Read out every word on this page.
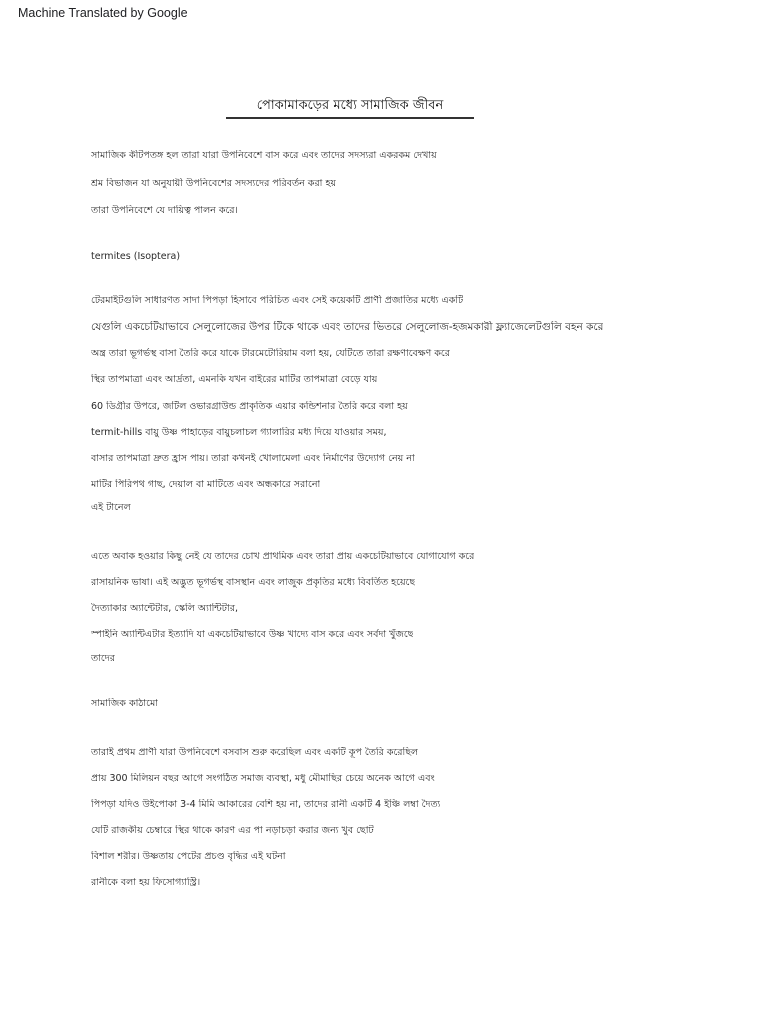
Machine Translated by Google
পোকামাকড়ের মধ্যে সামাজিক জীবন
সামাজিক কীটপতঙ্গ হল তারা যারা উপনিবেশে বাস করে এবং তাদের সদস্যরা একরকম দেখায়
শ্রম বিভাজন যা অনুযায়ী উপনিবেশের সদস্যদের পরিবর্তন করা হয়
তারা উপনিবেশে যে দায়িত্ব পালন করে।
termites (Isoptera)
টেরমাইটগুলি সাধারণত সাদা পিঁপড়া হিসাবে পরিচিত এবং সেই কয়েকটি প্রাণী প্রজাতির মধ্যে একটি
যেগুলি একচেটিয়াভাবে সেলুলোজের উপর টিকে থাকে এবং তাদের ভিতরে সেলুলোজ-হজমকারী ফ্ল্যাজেলেটগুলি বহন করে
অন্ত্র তারা ভূগর্ভস্থ বাসা তৈরি করে যাকে টারমেটোরিয়াম বলা হয়, যেটিতে তারা রক্ষণাবেক্ষণ করে
স্থির তাপমাত্রা এবং আর্দ্রতা, এমনকি যখন বাইরের মাটির তাপমাত্রা বেড়ে যায়
60 ডিগ্রীর উপরে, জটিল ওভারগ্রাউন্ড প্রাকৃতিক এয়ার কন্ডিশনার তৈরি করে বলা হয়
termit-hills বায়ু উষ্ণ পাহাড়ের বায়ুচলাচল গ্যালারির মধ্য দিয়ে যাওয়ার সময়,
বাসার তাপমাত্রা দ্রুত হ্রাস পায়। তারা কখনই খোলামেলা এবং নির্মাণের উদ্যোগ নেয় না
মাটির পিরিপথ গাছ, দেয়াল বা মাটিতে এবং অন্ধকারে সরানো
এই টানেল
এতে অবাক হওয়ার কিছু নেই যে তাদের চোখ প্রাথমিক এবং তারা প্রায় একচেটিয়াভাবে যোগাযোগ করে
রাসায়নিক ভাষা। এই অদ্ভুত ভূগর্ভস্থ বাসস্থান এবং লাজুক প্রকৃতির মধ্যে বিবর্তিত হয়েছে
দৈত্যাকার অ্যান্টেটার, স্কেলি অ্যান্টিটার,
স্পাইনি অ্যান্টিএটার ইত্যাদি যা একচেটিয়াভাবে উষ্ণ খাদ্যে বাস করে এবং সর্বদা খুঁজছে
তাদের
সামাজিক কাঠামো
তারাই প্রথম প্রাণী যারা উপনিবেশে বসবাস শুরু করেছিল এবং একটি কূপ তৈরি করেছিল
প্রায় 300 মিলিয়ন বছর আগে সংগঠিত সমাজ ব্যবস্থা, মধু মৌমাছির চেয়ে অনেক আগে এবং
পিঁপড়া যদিও উইপোকা 3-4 মিমি আকারের বেশি হয় না, তাদের রানী একটি 4 ইঞ্চি লম্বা দৈত্য
যেটি রাজকীয় চেম্বারে স্থির থাকে কারণ এর পা নড়াচড়া করার জন্য খুব ছোট
বিশাল শরীর। উষ্ণতায় পেটের প্রচণ্ড বৃদ্ধির এই ঘটনা
রানীকে বলা হয় ফিসোগ্যাস্ট্রি।
